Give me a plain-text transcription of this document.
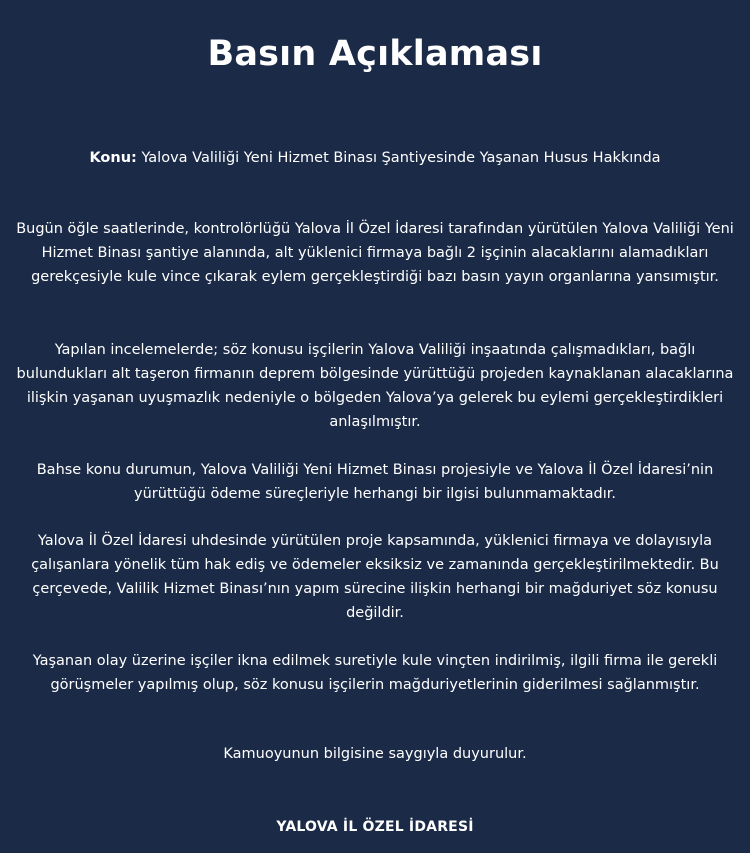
Basın Açıklaması
Konu: Yalova Valiliği Yeni Hizmet Binası Şantiyesinde Yaşanan Husus Hakkında
Bugün öğle saatlerinde, kontrolörlüğü Yalova İl Özel İdaresi tarafından yürütülen Yalova Valiliği Yeni Hizmet Binası şantiye alanında, alt yüklenici firmaya bağlı 2 işçinin alacaklarını alamadıkları gerekçesiyle kule vince çıkarak eylem gerçekleştirdiği bazı basın yayın organlarına yansımıştır.
Yapılan incelemelerde; söz konusu işçilerin Yalova Valiliği inşaatında çalışmadıkları, bağlı bulundukları alt taşeron firmanın deprem bölgesinde yürüttüğü projeden kaynaklanan alacaklarına ilişkin yaşanan uyuşmazlık nedeniyle o bölgeden Yalova’ya gelerek bu eylemi gerçekleştirdikleri anlaşılmıştır.
Bahse konu durumun, Yalova Valiliği Yeni Hizmet Binası projesiyle ve Yalova İl Özel İdaresi’nin yürüttüğü ödeme süreçleriyle herhangi bir ilgisi bulunmamaktadır.
Yalova İl Özel İdaresi uhdesinde yürütülen proje kapsamında, yüklenici firmaya ve dolayısıyla çalışanlara yönelik tüm hak ediş ve ödemeler eksiksiz ve zamanında gerçekleştirilmektedir. Bu çerçevede, Valilik Hizmet Binası’nın yapım sürecine ilişkin herhangi bir mağduriyet söz konusu değildir.
Yaşanan olay üzerine işçiler ikna edilmek suretiyle kule vinçten indirilmiş, ilgili firma ile gerekli görüşmeler yapılmış olup, söz konusu işçilerin mağduriyetlerinin giderilmesi sağlanmıştır.
Kamuoyunun bilgisine saygıyla duyurulur.
YALOVA İL ÖZEL İDARESİ
